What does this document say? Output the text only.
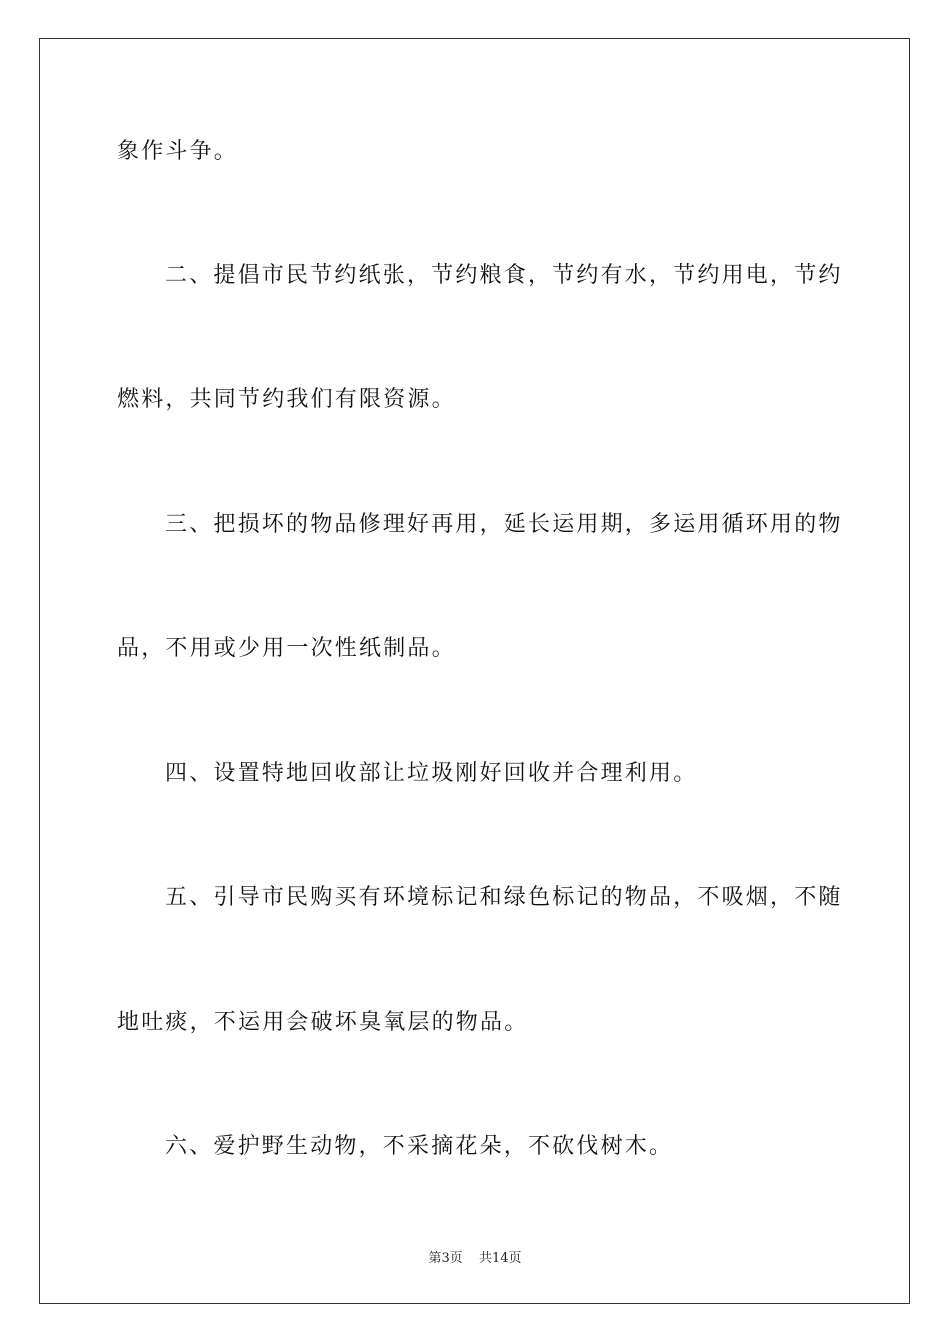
象作斗争。
二、提倡市民节约纸张，节约粮食，节约有水，节约用电，节约
燃料，共同节约我们有限资源。
三、把损坏的物品修理好再用，延长运用期，多运用循环用的物
品，不用或少用一次性纸制品。
四、设置特地回收部让垃圾刚好回收并合理利用。
五、引导市民购买有环境标记和绿色标记的物品，不吸烟，不随
地吐痰，不运用会破坏臭氧层的物品。
六、爱护野生动物，不采摘花朵，不砍伐树木。
第3页 共14页
